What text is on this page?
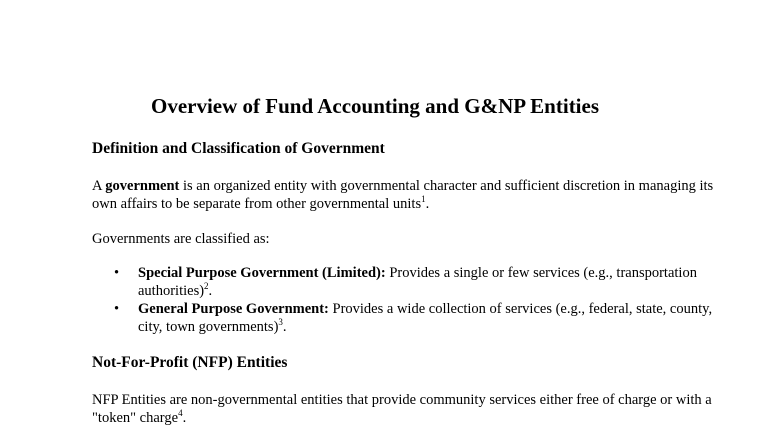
Overview of Fund Accounting and G&NP Entities
Definition and Classification of Government

A government is an organized entity with governmental character and sufficient discretion in managing its own affairs to be separate from other governmental units$^1$.

Governments are classified as:

• Special Purpose Government (Limited): Provides a single or few services (e.g., transportation authorities)$^2$.
• General Purpose Government: Provides a wide collection of services (e.g., federal, state, county, city, town governments)$^3$.
Not-For-Profit (NFP) Entities

NFP Entities are non-governmental entities that provide community services either free of charge or with a "token" charge$^4$.
